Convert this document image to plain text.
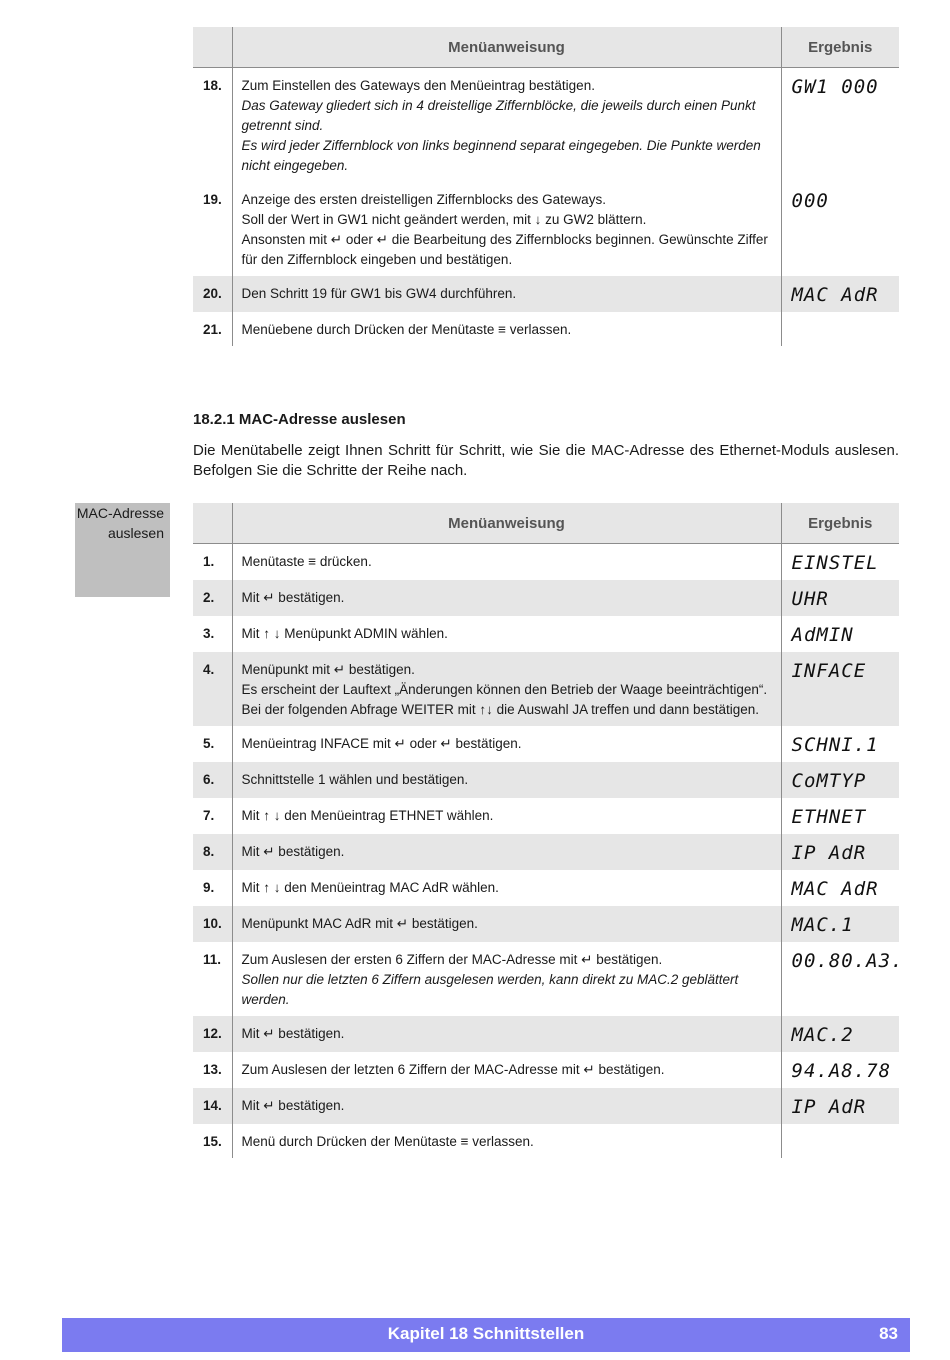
	Menüanweisung	Ergebnis
18.	Zum Einstellen des Gateways den Menüeintrag bestätigen.
Das Gateway gliedert sich in 4 dreistellige Ziffernblöcke, die jeweils durch einen Punkt getrennt sind.
Es wird jeder Ziffernblock von links beginnend separat eingegeben. Die Punkte werden nicht eingegeben.	GW1 000
19.	Anzeige des ersten dreistelligen Ziffernblocks des Gateways.
Soll der Wert in GW1 nicht geändert werden, mit ↓ zu GW2 blättern.
Ansonsten mit ↵ oder ↵ die Bearbeitung des Ziffernblocks beginnen. Gewünschte Ziffer für den Ziffernblock eingeben und bestätigen.	000
20.	Den Schritt 19 für GW1 bis GW4 durchführen.	MAC AdR
21.	Menüebene durch Drücken der Menütaste ≡ verlassen.	

18.2.1 MAC-Adresse auslesen
Die Menütabelle zeigt Ihnen Schritt für Schritt, wie Sie die MAC-Adresse des Ethernet-Moduls auslesen. Befolgen Sie die Schritte der Reihe nach.
MAC-Adresse
auslesen
	Menüanweisung	Ergebnis
1.	Menütaste ≡ drücken.	EINSTEL
2.	Mit ↵ bestätigen.	UHR
3.	Mit ↑ ↓ Menüpunkt ADMIN wählen.	AdMIN
4.	Menüpunkt mit ↵ bestätigen.
Es erscheint der Lauftext „Änderungen können den Betrieb der Waage beeinträchtigen“. Bei der folgenden Abfrage WEITER mit ↑↓ die Auswahl JA treffen und dann bestätigen.	INFACE
5.	Menüeintrag INFACE mit ↵ oder ↵ bestätigen.	SCHNI.1
6.	Schnittstelle 1 wählen und bestätigen.	CoMTYP
7.	Mit ↑ ↓ den Menüeintrag ETHNET wählen.	ETHNET
8.	Mit ↵ bestätigen.	IP AdR
9.	Mit ↑ ↓ den Menüeintrag MAC AdR wählen.	MAC AdR
10.	Menüpunkt MAC AdR mit ↵ bestätigen.	MAC.1
11.	Zum Auslesen der ersten 6 Ziffern der MAC-Adresse mit ↵ bestätigen.
Sollen nur die letzten 6 Ziffern ausgelesen werden, kann direkt zu MAC.2 geblättert werden.	00.80.A3.
12.	Mit ↵ bestätigen.	MAC.2
13.	Zum Auslesen der letzten 6 Ziffern der MAC-Adresse mit ↵ bestätigen.	94.A8.78
14.	Mit ↵ bestätigen.	IP AdR
15.	Menü durch Drücken der Menütaste ≡ verlassen.	

Kapitel 18 Schnittstellen	83
